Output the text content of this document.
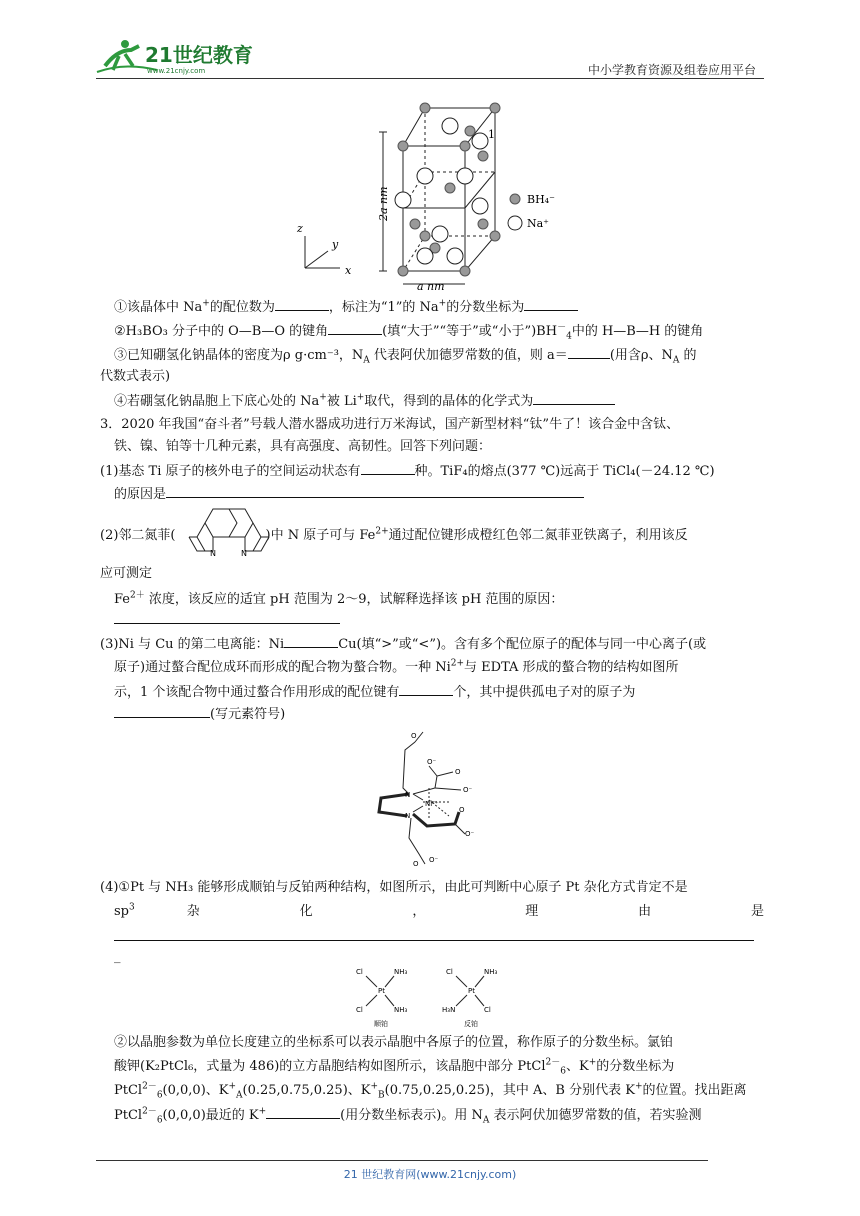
21世纪教育
www.21cnjy.com	中小学教育资源及组卷应用平台
z
y
x
2a nm
1
a nm
BH₄⁻
Na⁺
①该晶体中 Na+的配位数为	，标注为“1”的 Na+的分数坐标为
②H₃BO₃ 分子中的 O—B—O 的键角	(填“大于”“等于”或“小于$”)BH^-_4$中的 H—B—H 的键角
③已知硼氢化钠晶体的密度为ρ g·cm⁻³，$N_A$ 代表阿伏加德罗常数的值，则 a＝	(用含ρ、$N_A$ 的
代数式表示)
④若硼氢化钠晶胞上下底心处的 Na+被 Li+取代，得到的晶体的化学式为
3．2020 年我国“奋斗者”号载人潜水器成功进行万米海试，国产新型材料“钛”牛了！该合金中含钛、
铁、镍、铂等十几种元素，具有高强度、高韧性。回答下列问题：
(1)基态 Ti 原子的核外电子的空间运动状态有	种。TiF₄的熔点(377 ℃)远高于 TiCl₄(－24.12 ℃)
的原因是
(2)邻二氮菲(	)中 N 原子可与 $Fe^{2+}$通过配位键形成橙红色邻二氮菲亚铁离子，利用该反
N	N
应可测定
$Fe^{2+}$ 浓度，该反应的适宜 pH 范围为 2～9，试解释选择该 pH 范围的原因：
(3)Ni 与 Cu 的第二电离能：Ni	Cu(填“>”或“<”)。含有多个配位原子的配体与同一中心离子(或
原子)通过螯合配位成环而形成的配合物为螯合物。一种 $Ni^{2+}$与 EDTA 形成的螯合物的结构如图所
示，1 个该配合物中通过螯合作用形成的配位键有	个，其中提供孤电子对的原子为
(写元素符号)
O
O
O⁻
O⁻
N
N
Ni²⁺
O
O⁻
O O⁻
(4)①Pt 与 NH₃ 能够形成顺铂与反铂两种结构，如图所示，由此可判断中心原子 Pt 杂化方式肯定不是
$sp^3$	杂	化	，	理	由	是
_
Cl	NH₃
Pt
Cl	NH₃
顺铂
Cl	NH₃
Pt
H₃N	Cl
反铂
②以晶胞参数为单位长度建立的坐标系可以表示晶胞中各原子的位置，称作原子的分数坐标。氯铂
酸钾(K₂PtCl₆，式量为 486)的立方晶胞结构如图所示，该晶胞中部分 PtCl$^{2-}_6$、K+的分数坐标为
PtCl$^{2-}_6$(0,0,0)、$K^+_A(0.25,0.75,0.25)$、$K^+_B(0.75,0.25,0.25)$，其中 A、B 分别代表 K+的位置。找出距离
PtCl$^{2-}_6$(0,0,0)最近的 K+	(用分数坐标表示)。用 $N_A$ 表示阿伏加德罗常数的值，若实验测
21 世纪教育网(www.21cnjy.com)
